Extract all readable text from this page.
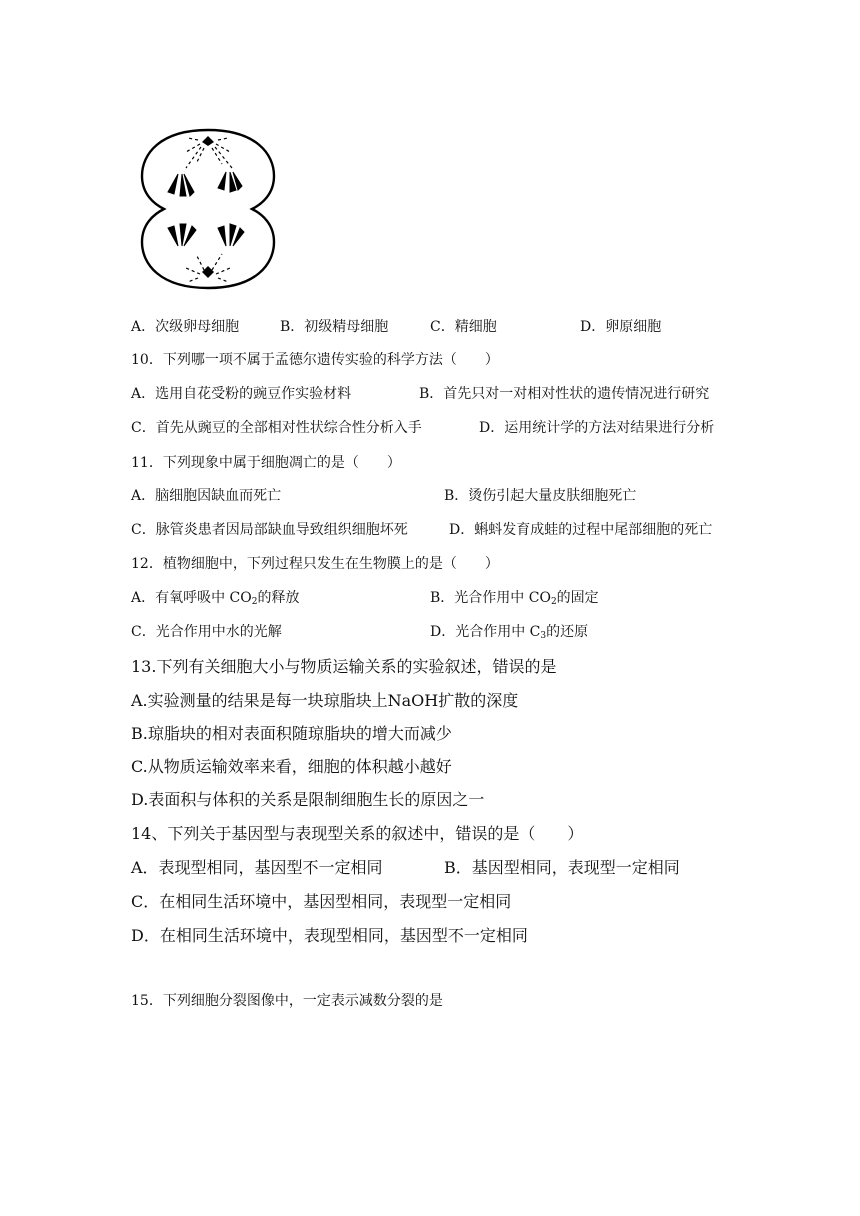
A．次级卵母细胞	B．初级精母细胞	C．精细胞	D．卵原细胞
10．下列哪一项不属于孟德尔遗传实验的科学方法（　　）
A．选用自花受粉的豌豆作实验材料	B．首先只对一对相对性状的遗传情况进行研究
C．首先从豌豆的全部相对性状综合性分析入手	D．运用统计学的方法对结果进行分析
11．下列现象中属于细胞凋亡的是（　　）
A．脑细胞因缺血而死亡	B．烫伤引起大量皮肤细胞死亡
C．脉管炎患者因局部缺血导致组织细胞坏死	D．蝌蚪发育成蛙的过程中尾部细胞的死亡
12．植物细胞中，下列过程只发生在生物膜上的是（　　）
A．有氧呼吸中 $CO_2$的释放	B．光合作用中 $CO_2$的固定
C．光合作用中水的光解	D．光合作用中 $C_3$的还原
13.下列有关细胞大小与物质运输关系的实验叙述，错误的是
A.实验测量的结果是每一块琼脂块上NaOH扩散的深度
B.琼脂块的相对表面积随琼脂块的增大而减少
C.从物质运输效率来看，细胞的体积越小越好
D.表面积与体积的关系是限制细胞生长的原因之一
14、下列关于基因型与表现型关系的叙述中，错误的是（　　）
A．表现型相同，基因型不一定相同	B．基因型相同，表现型一定相同
C．在相同生活环境中，基因型相同，表现型一定相同
D．在相同生活环境中，表现型相同，基因型不一定相同
15．下列细胞分裂图像中，一定表示减数分裂的是
